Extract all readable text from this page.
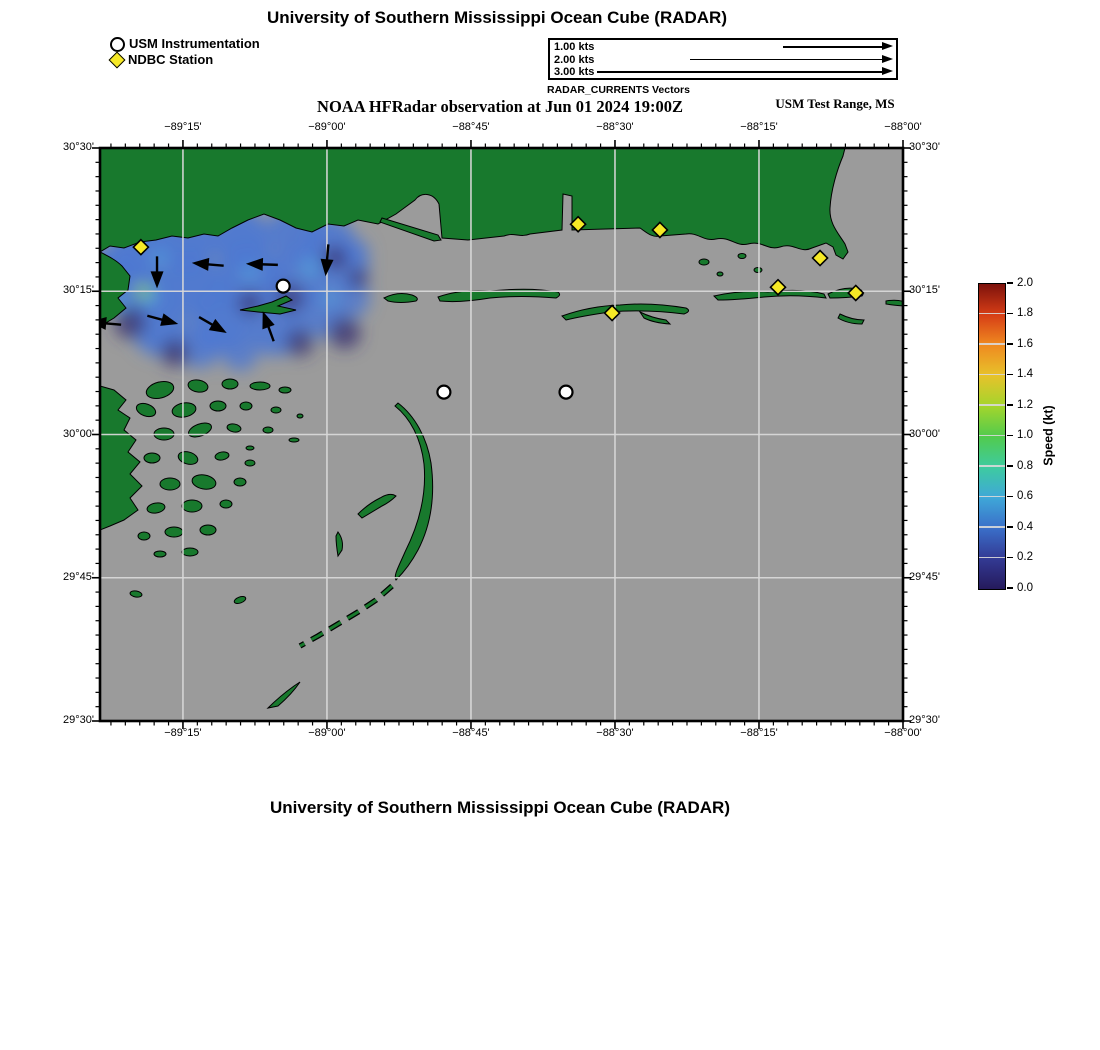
University of Southern Mississippi Ocean Cube (RADAR)
USM Instrumentation
NDBC Station
1.00 kts
2.00 kts
3.00 kts
RADAR_CURRENTS Vectors
NOAA HFRadar observation at Jun 01 2024 19:00Z	USM Test Range, MS
−89°15'
−89°15'
−89°00'
−89°00'
−88°45'
−88°45'
−88°30'
−88°30'
−88°15'
−88°15'
−88°00'
−88°00'
30°30'	30°30'
30°15'	30°15'
30°00'	30°00'
29°45'	29°45'
29°30'	29°30'
Speed (kt)
University of Southern Mississippi Ocean Cube (RADAR)
0.0
0.2
0.4
0.6
0.8
1.0
1.2
1.4
1.6
1.8
2.0
